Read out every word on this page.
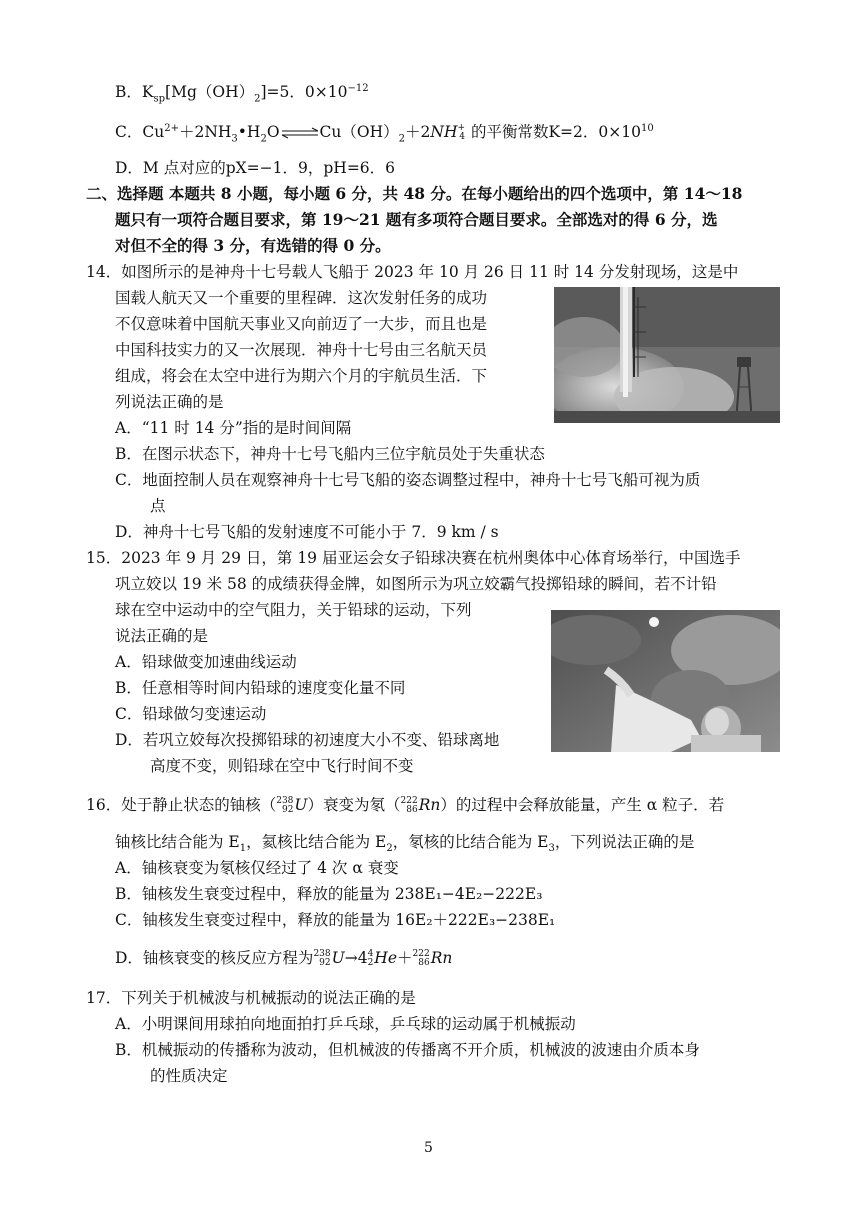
B．$K_{sp}[Mg(OH)_2]=5$．$0\times 10^{-12}$
C．$Cu^{2+}+2NH_3•H_2O\rightleftharpoons Cu(OH)_2+2NH$ +
4 的平衡常数K=2．$0\times 10^{10}$
D．M 点对应的pX=−1．9，pH=6．6
二、选择题 本题共 8 小题，每小题 6 分，共 48 分。在每小题给出的四个选项中，第 14～18
题只有一项符合题目要求，第 19～21 题有多项符合题目要求。全部选对的得 6 分，选
对但不全的得 3 分，有选错的得 0 分。
14．如图所示的是神舟十七号载人飞船于 2023 年 10 月 26 日 11 时 14 分发射现场，这是中
国载人航天又一个重要的里程碑．这次发射任务的成功
不仅意味着中国航天事业又向前迈了一大步，而且也是
中国科技实力的又一次展现．神舟十七号由三名航天员
组成，将会在太空中进行为期六个月的宇航员生活．下
列说法正确的是
A．“11 时 14 分”指的是时间间隔
B．在图示状态下，神舟十七号飞船内三位宇航员处于失重状态
C．地面控制人员在观察神舟十七号飞船的姿态调整过程中，神舟十七号飞船可视为质
点
D．神舟十七号飞船的发射速度不可能小于 7．9 km / s
15．2023 年 9 月 29 日，第 19 届亚运会女子铅球决赛在杭州奥体中心体育场举行，中国选手
巩立姣以 19 米 58 的成绩获得金牌，如图所示为巩立姣霸气投掷铅球的瞬间，若不计铅
球在空中运动中的空气阻力，关于铅球的运动，下列
说法正确的是
A．铅球做变加速曲线运动
B．任意相等时间内铅球的速度变化量不同
C．铅球做匀变速运动
D．若巩立姣每次投掷铅球的初速度大小不变、铅球离地
高度不变，则铅球在空中飞行时间不变
16．处于静止状态的铀核（ 238
92 U）衰变为氡（ 222
86 Rn）的过程中会释放能量，产生 α 粒子．若
铀核比结合能为 $E_1$，氦核比结合能为 $E_2$，氡核的比结合能为 $E_3$，下列说法正确的是
A．铀核衰变为氡核仅经过了 4 次 α 衰变
B．铀核发生衰变过程中，释放的能量为 238E₁−4E₂−222E₃
C．铀核发生衰变过程中，释放的能量为 16E₂＋222E₃−238E₁
D．铀核衰变的核反应方程为 238
92 U→4 4
2 He＋ 222
86 Rn
17．下列关于机械波与机械振动的说法正确的是
A．小明课间用球拍向地面拍打乒乓球，乒乓球的运动属于机械振动
B．机械振动的传播称为波动，但机械波的传播离不开介质，机械波的波速由介质本身
的性质决定
5
